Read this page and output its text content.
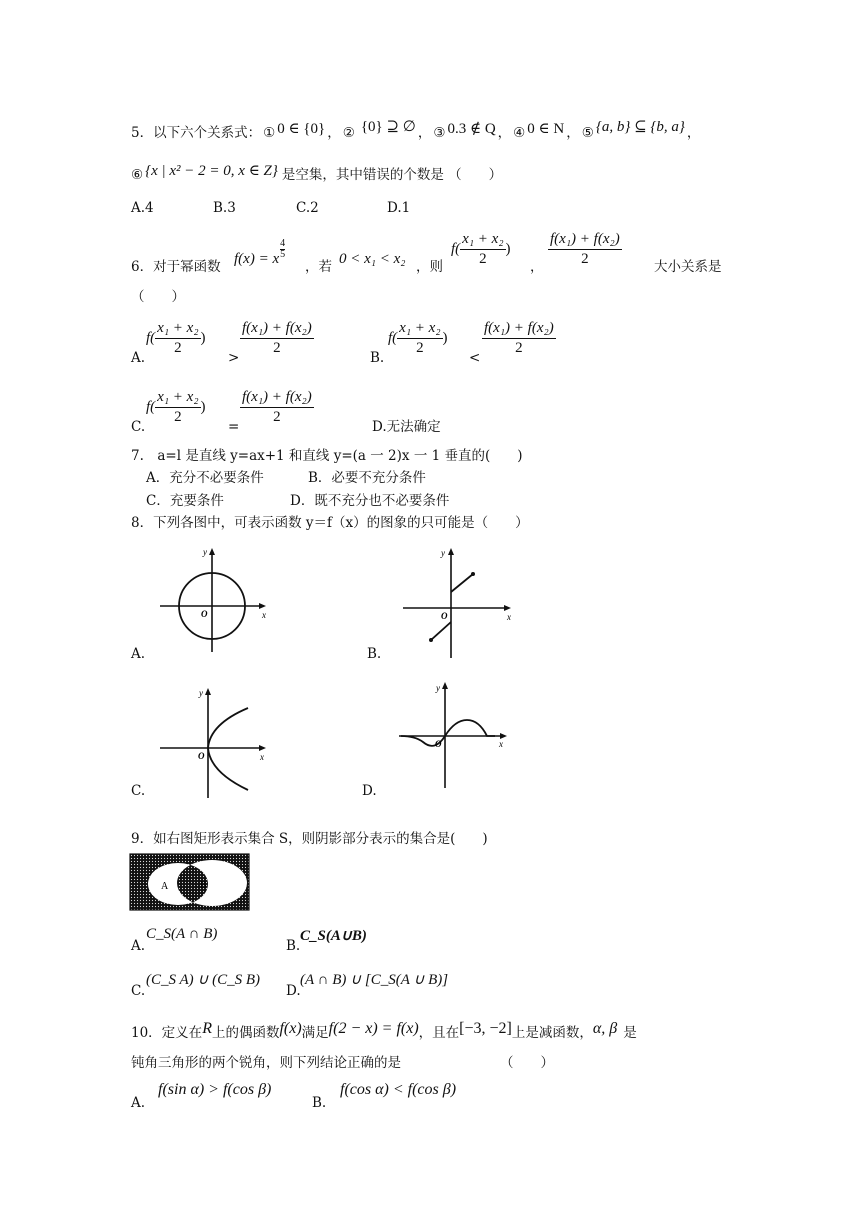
5．以下六个关系式： ① 0 ∈ {0} ， ② {0} ⊇ ∅ ， ③ 0.3 ∉ Q ， ④ 0 ∈ N ， ⑤ {a, b} ⊆ {b, a} ，
⑥ {x | x² − 2 = 0, x ∈ Z} 是空集，其中错误的个数是 （　　）
A.4	B.3	C.2	D.1
6．对于幂函数 f(x) = x $\frac{4}{5}$
，若 0 < x₁ < x₂ ，则
$f( \frac{\text{x₁ + x₂}}{2}$ )
， $\frac{\text{f(x₁) + f(x₂)}}{2}$ 大小关系是
（　　）
A.
$f( \frac{\text{x₁ + x₂}}{2}$ )
> $\frac{\text{f(x₁) + f(x₂)}}{2}$	B.
$f( \frac{\text{x₁ + x₂}}{2}$ )
< $\frac{\text{f(x₁) + f(x₂)}}{2}$
C.
$f( \frac{\text{x₁ + x₂}}{2}$ )
= $\frac{\text{f(x₁) + f(x₂)}}{2}$	D.无法确定
7.　a=l 是直线 y=ax+1 和直线 y=(a 一 2)x 一 1 垂直的(　　)
A．充分不必要条件	B．必要不充分条件
C．充要条件	D．既不充分也不必要条件
8．下列各图中，可表示函数 y＝f（x）的图象的只可能是（　　）
x
y
O
A.
x
y
O
B.
x
y
O
C.
x
y
O
D.
9．如右图矩形表示集合 S，则阴影部分表示的集合是(　　)
A	B
A.
C_S(A ∩ B)
B.
C_S(A∪B)
C.
(C_S A) ∪ (C_S B)
D.
(A ∩ B) ∪ [C_S(A ∪ B)]
10．定义在 R 上的偶函数 f(x) 满足 f(2 − x) = f(x) ，且在 [−3, −2] 上是减函数， α, β 是
钝角三角形的两个锐角，则下列结论正确的是	（　　）
A.
f(sin α) > f(cos β)
B.
f(cos α) < f(cos β)
